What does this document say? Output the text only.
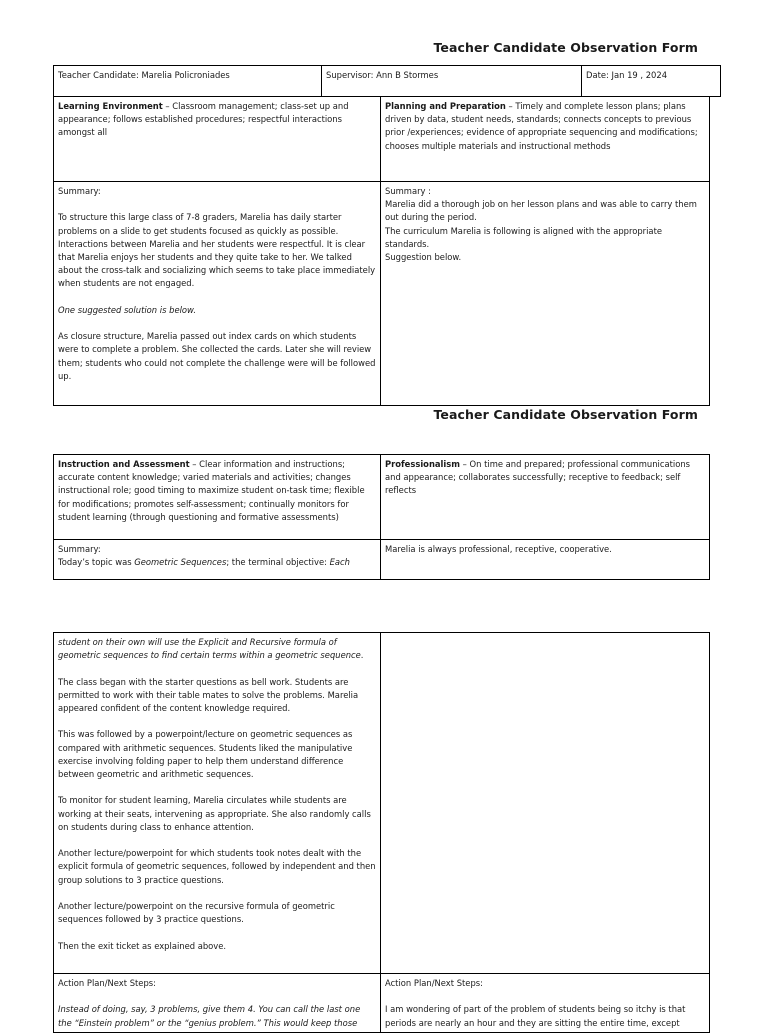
Teacher Candidate Observation Form
Teacher Candidate: Marelia Policroniades	Supervisor: Ann B Stormes	Date: Jan 19 , 2024
Learning Environment – Classroom management; class-set up and appearance; follows established procedures; respectful interactions amongst all
Planning and Preparation – Timely and complete lesson plans; plans driven by data, student needs, standards; connects concepts to previous prior /experiences; evidence of appropriate sequencing and modifications; chooses multiple materials and instructional methods

Summary:

To structure this large class of 7-8 graders, Marelia has daily starter problems on a slide to get students focused as quickly as possible. Interactions between Marelia and her students were respectful. It is clear that Marelia enjoys her students and they quite take to her. We talked about the cross-talk and socializing which seems to take place immediately when students are not engaged.

One suggested solution is below.

As closure structure, Marelia passed out index cards on which students were to complete a problem. She collected the cards. Later she will review them; students who could not complete the challenge were will be followed up.

Summary :

Marelia did a thorough job on her lesson plans and was able to carry them out during the period.

The curriculum Marelia is following is aligned with the appropriate standards.

Suggestion below.

Teacher Candidate Observation Form
Instruction and Assessment – Clear information and instructions; accurate content knowledge; varied materials and activities; changes instructional role; good timing to maximize student on-task time; flexible for modifications; promotes self-assessment; continually monitors for student learning (through questioning and formative assessments)
Professionalism – On time and prepared; professional communications and appearance; collaborates successfully; receptive to feedback; self reflects

Summary:

Today’s topic was Geometric Sequences; the terminal objective: Each

Marelia is always professional, receptive, cooperative.

student on their own will use the Explicit and Recursive formula of geometric sequences to find certain terms within a geometric sequence.

The class began with the starter questions as bell work. Students are permitted to work with their table mates to solve the problems. Marelia appeared confident of the content knowledge required.

This was followed by a powerpoint/lecture on geometric sequences as compared with arithmetic sequences. Students liked the manipulative exercise involving folding paper to help them understand difference between geometric and arithmetic sequences.

To monitor for student learning, Marelia circulates while students are working at their seats, intervening as appropriate. She also randomly calls on students during class to enhance attention.

Another lecture/powerpoint for which students took notes dealt with the explicit formula of geometric sequences, followed by independent and then group solutions to 3 practice questions.

Another lecture/powerpoint on the recursive formula of geometric sequences followed by 3 practice questions.

Then the exit ticket as explained above.

Action Plan/Next Steps:

Instead of doing, say, 3 problems, give them 4. You can call the last one the “Einstein problem” or the “genius problem.” This would keep those

Action Plan/Next Steps:

I am wondering of part of the problem of students being so itchy is that periods are nearly an hour and they are sitting the entire time, except
